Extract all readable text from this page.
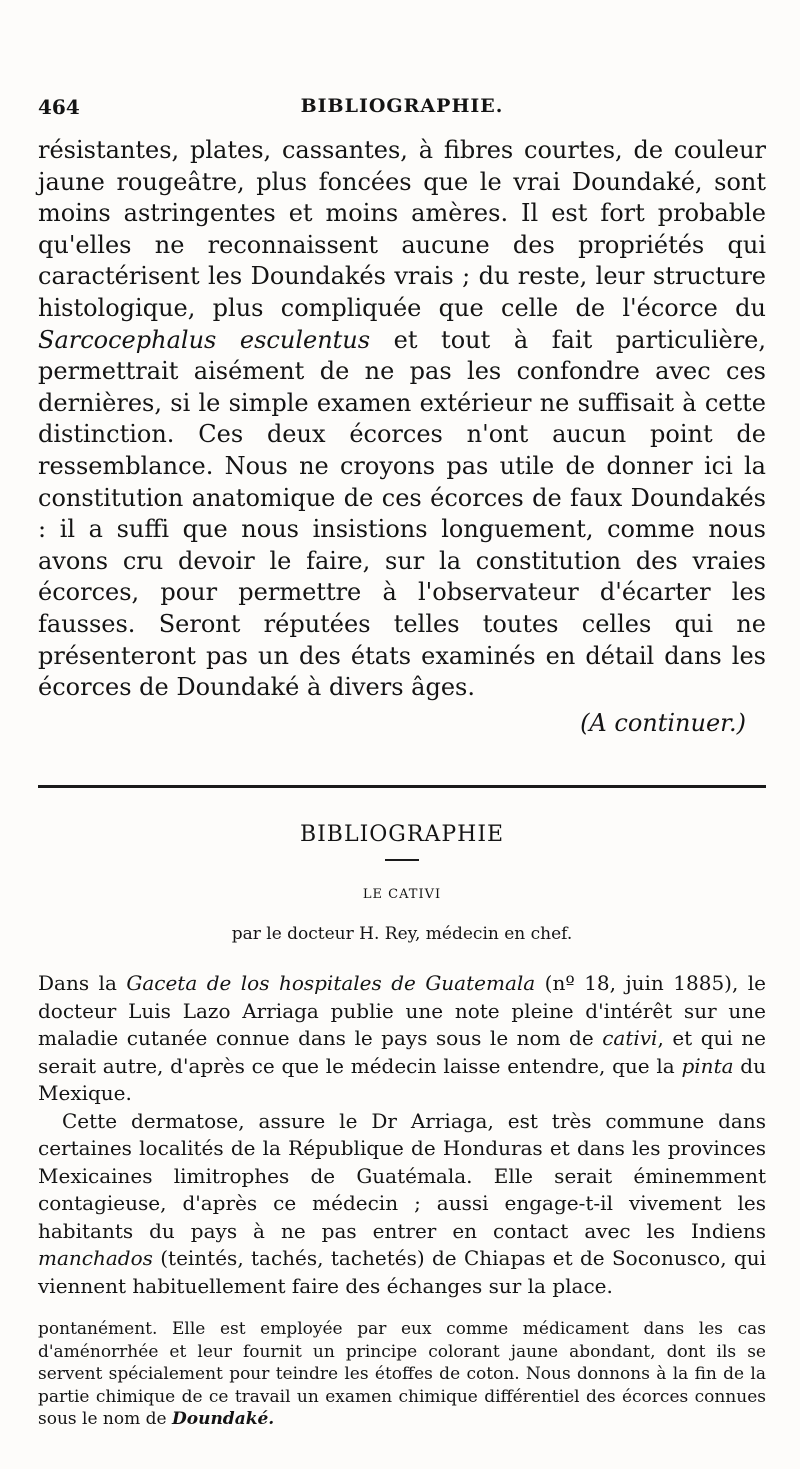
464	BIBLIOGRAPHIE.

résistantes, plates, cassantes, à fibres courtes, de couleur jaune rougeâtre, plus foncées que le vrai Doundaké, sont moins astringentes et moins amères. Il est fort probable qu'elles ne reconnaissent aucune des propriétés qui caractérisent les Doundakés vrais ; du reste, leur structure histologique, plus compliquée que celle de l'écorce du Sarcocephalus esculentus et tout à fait particulière, permettrait aisément de ne pas les confondre avec ces dernières, si le simple examen extérieur ne suffisait à cette distinction. Ces deux écorces n'ont aucun point de ressemblance. Nous ne croyons pas utile de donner ici la constitution anatomique de ces écorces de faux Doundakés : il a suffi que nous insistions longuement, comme nous avons cru devoir le faire, sur la constitution des vraies écorces, pour permettre à l'observateur d'écarter les fausses. Seront réputées telles toutes celles qui ne présenteront pas un des états examinés en détail dans les écorces de Doundaké à divers âges.

(A continuer.)
BIBLIOGRAPHIE
LE CATIVI
par le docteur H. Rey, médecin en chef.

Dans la Gaceta de los hospitales de Guatemala (nº 18, juin 1885), le docteur Luis Lazo Arriaga publie une note pleine d'intérêt sur une maladie cutanée connue dans le pays sous le nom de cativi, et qui ne serait autre, d'après ce que le médecin laisse entendre, que la pinta du Mexique.

Cette dermatose, assure le Dr Arriaga, est très commune dans certaines localités de la République de Honduras et dans les provinces Mexicaines limitrophes de Guatémala. Elle serait éminemment contagieuse, d'après ce médecin ; aussi engage-t-il vivement les habitants du pays à ne pas entrer en contact avec les Indiens manchados (teintés, tachés, tachetés) de Chiapas et de Soconusco, qui viennent habituellement faire des échanges sur la place.

pontanément. Elle est employée par eux comme médicament dans les cas d'aménorrhée et leur fournit un principe colorant jaune abondant, dont ils se servent spécialement pour teindre les étoffes de coton. Nous donnons à la fin de la partie chimique de ce travail un examen chimique différentiel des écorces connues sous le nom de Doundaké.
